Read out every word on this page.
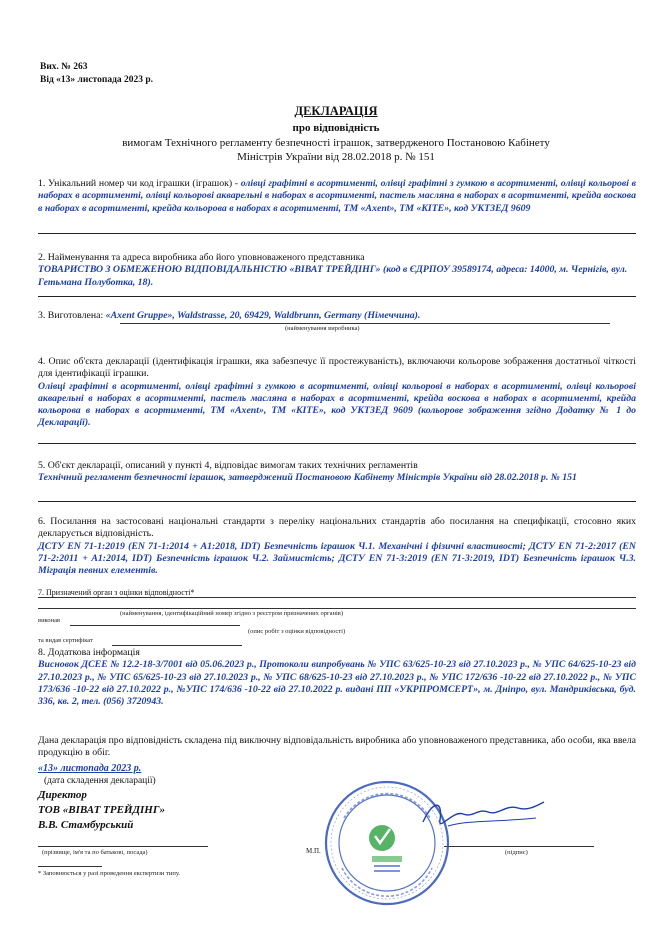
Вих. № 263
Від «13» листопада 2023 р.
ДЕКЛАРАЦІЯ
про відповідність
вимогам Технічного регламенту безпечності іграшок, затвердженого Постановою Кабінету
Міністрів України від 28.02.2018 р. № 151
1. Унікальний номер чи код іграшки (іграшок) - олівці графітні в асортименті, олівці графітні з гумкою в асортименті, олівці кольорові в наборах в асортименті, олівці кольорові акварельні в наборах в асортименті, пастель масляна в наборах в асортименті, крейда воскова в наборах в асортименті, крейда кольорова в наборах в асортименті, ТМ «Axent», ТМ «KITE», код УКТЗЕД 9609
2. Найменування та адреса виробника або його уповноваженого представника
ТОВАРИСТВО З ОБМЕЖЕНОЮ ВІДПОВІДАЛЬНІСТЮ «ВІВАТ ТРЕЙДІНГ» (код в ЄДРПОУ 39589174, адреса: 14000, м. Чернігів, вул. Гетьмана Полуботка, 18).
3. Виготовлена: «Axent Gruppe», Waldstrasse, 20, 69429, Waldbrunn, Germany (Німеччина).
(найменування виробника)
4. Опис об'єкта декларації (ідентифікація іграшки, яка забезпечує її простежуваність), включаючи кольорове зображення достатньої чіткості для ідентифікації іграшки.
Олівці графітні в асортименті, олівці графітні з гумкою в асортименті, олівці кольорові в наборах в асортименті, олівці кольорові акварельні в наборах в асортименті, пастель масляна в наборах в асортименті, крейда воскова в наборах в асортименті, крейда кольорова в наборах в асортименті, ТМ «Axent», ТМ «KITE», код УКТЗЕД 9609 (кольорове зображення згідно Додатку № 1 до Декларації).
5. Об'єкт декларації, описаний у пункті 4, відповідає вимогам таких технічних регламентів
Технічний регламент безпечності іграшок, затверджений Постановою Кабінету Міністрів України від 28.02.2018 р. № 151
6. Посилання на застосовані національні стандарти з переліку національних стандартів або посилання на специфікації, стосовно яких декларується відповідність.
ДСТУ EN 71-1:2019 (EN 71-1:2014 + A1:2018, IDT) Безпечність іграшок Ч.1. Механічні і фізичні властивості; ДСТУ EN 71-2:2017 (EN 71-2:2011 + A1:2014, IDT) Безпечність іграшок Ч.2. Займистість; ДСТУ EN 71-3:2019 (EN 71-3:2019, IDT) Безпечність іграшок Ч.3. Міграція певних елементів.
7. Призначений орган з оцінки відповідності*
(найменування, ідентифікаційний номер згідно з реєстром призначених органів)
виконав
(опис робіт з оцінки відповідності)
та видав сертифікат
8. Додаткова інформація
Висновок ДСЕЕ № 12.2-18-3/7001 від 05.06.2023 р., Протоколи випробувань № УПС 63/625-10-23 від 27.10.2023 р., № УПС 64/625-10-23 від 27.10.2023 р., № УПС 65/625-10-23 від 27.10.2023 р., № УПС 68/625-10-23 від 27.10.2023 р., № УПС 172/636 -10-22 від 27.10.2022 р., № УПС 173/636 -10-22 від 27.10.2022 р., №УПС 174/636 -10-22 від 27.10.2022 р. видані ПП «УКРПРОМСЕРТ», м. Дніпро, вул. Мандриківська, буд. 336, кв. 2, тел. (056) 3720943.
Дана декларація про відповідність складена під виключну відповідальність виробника або уповноваженого представника, або особи, яка ввела продукцію в обіг.
«13» листопада 2023 р.
(дата складення декларації)
Директор
ТОВ «ВІВАТ ТРЕЙДІНГ»
В.В. Стамбурський
(прізвище, ім'я та по батькові, посада)	М.П.	(підпис)
* Заповнюється у разі проведення експертизи типу.
